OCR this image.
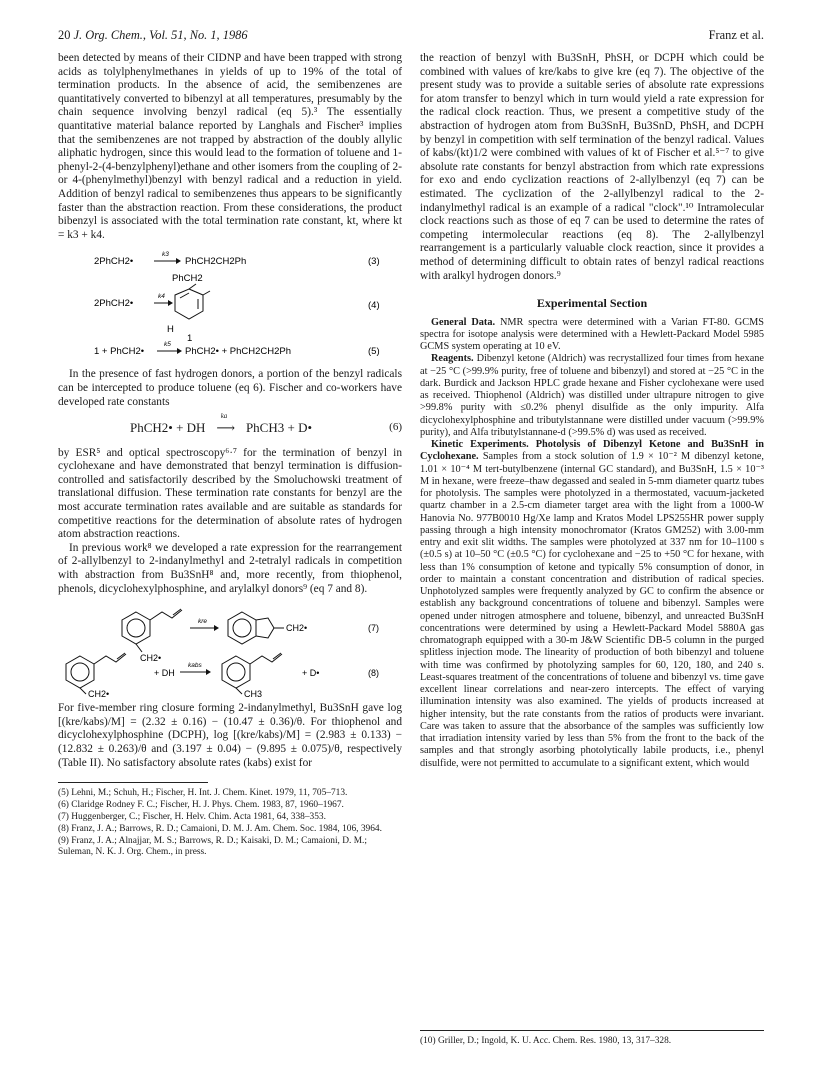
20 J. Org. Chem., Vol. 51, No. 1, 1986	Franz et al.

been detected by means of their CIDNP and have been trapped with strong acids as tolylphenylmethanes in yields of up to 19% of the total of termination products. In the absence of acid, the semibenzenes are quantitatively converted to bibenzyl at all temperatures, presumably by the chain sequence involving benzyl radical (eq 5).³ The essentially quantitative material balance reported by Langhals and Fischer³ implies that the semibenzenes are not trapped by abstraction of the doubly allylic aliphatic hydrogen, since this would lead to the formation of toluene and 1-phenyl-2-(4-benzylphenyl)ethane and other isomers from the coupling of 2- or 4-(phenylmethyl)benzyl with benzyl radical and a reduction in yield. Addition of benzyl radical to semibenzenes thus appears to be significantly faster than the abstraction reaction. From these considerations, the product bibenzyl is associated with the total termination rate constant, kt, where kt = k3 + k4.

2PhCH2•
k3
PhCH2CH2Ph	(3)
2PhCH2•
k4
PhCH2
H
(4)
1
1 + PhCH2•
k5
PhCH2• + PhCH2CH2Ph	(5)

In the presence of fast hydrogen donors, a portion of the benzyl radicals can be intercepted to produce toluene (eq 6). Fischer and co-workers have developed rate constants

PhCH2• + DH
ka
⟶ PhCH3 + D•	(6)

by ESR⁵ and optical spectroscopy⁶·⁷ for the termination of benzyl in cyclohexane and have demonstrated that benzyl termination is diffusion-controlled and satisfactorily described by the Smoluchowski treatment of translational diffusion. These termination rate constants for benzyl are the most accurate termination rates available and are suitable as standards for competitive reactions for the determination of absolute rates of hydrogen atom abstraction reactions.

In previous work⁸ we developed a rate expression for the rearrangement of 2-allylbenzyl to 2-indanylmethyl and 2-tetralyl radicals in competition with abstraction from Bu3SnH⁸ and, more recently, from thiophenol, phenols, dicyclohexylphosphine, and arylalkyl donors⁹ (eq 7 and 8).

CH2•
kre
CH2•	(7)
CH2•
+ DH
kabs
CH3
+ D•	(8)

For five-member ring closure forming 2-indanylmethyl, Bu3SnH gave log [(kre/kabs)/M] = (2.32 ± 0.16) − (10.47 ± 0.36)/θ. For thiophenol and dicyclohexylphosphine (DCPH), log [(kre/kabs)/M] = (2.983 ± 0.133) − (12.832 ± 0.263)/θ and (3.197 ± 0.04) − (9.895 ± 0.075)/θ, respectively (Table II). No satisfactory absolute rates (kabs) exist for

(5) Lehni, M.; Schuh, H.; Fischer, H. Int. J. Chem. Kinet. 1979, 11, 705–713.

(6) Claridge Rodney F. C.; Fischer, H. J. Phys. Chem. 1983, 87, 1960–1967.

(7) Huggenberger, C.; Fischer, H. Helv. Chim. Acta 1981, 64, 338–353.

(8) Franz, J. A.; Barrows, R. D.; Camaioni, D. M. J. Am. Chem. Soc. 1984, 106, 3964.

(9) Franz, J. A.; Alnajjar, M. S.; Barrows, R. D.; Kaisaki, D. M.; Camaioni, D. M.; Suleman, N. K. J. Org. Chem., in press.

the reaction of benzyl with Bu3SnH, PhSH, or DCPH which could be combined with values of kre/kabs to give kre (eq 7). The objective of the present study was to provide a suitable series of absolute rate expressions for atom transfer to benzyl which in turn would yield a rate expression for the radical clock reaction. Thus, we present a competitive study of the abstraction of hydrogen atom from Bu3SnH, Bu3SnD, PhSH, and DCPH by benzyl in competition with self termination of the benzyl radical. Values of kabs/(kt)1/2 were combined with values of kt of Fischer et al.⁵⁻⁷ to give absolute rate constants for benzyl abstraction from which rate expressions for exo and endo cyclization reactions of 2-allylbenzyl (eq 7) can be estimated. The cyclization of the 2-allylbenzyl radical to the 2-indanylmethyl radical is an example of a radical "clock".¹⁰ Intramolecular clock reactions such as those of eq 7 can be used to determine the rates of competing intermolecular reactions (eq 8). The 2-allylbenzyl rearrangement is a particularly valuable clock reaction, since it provides a method of determining difficult to obtain rates of benzyl radical reactions with aralkyl hydrogen donors.⁹

Experimental Section

General Data. NMR spectra were determined with a Varian FT-80. GCMS spectra for isotope analysis were determined with a Hewlett-Packard Model 5985 GCMS system operating at 10 eV.

Reagents. Dibenzyl ketone (Aldrich) was recrystallized four times from hexane at −25 °C (>99.9% purity, free of toluene and bibenzyl) and stored at −25 °C in the dark. Burdick and Jackson HPLC grade hexane and Fisher cyclohexane were used as received. Thiophenol (Aldrich) was distilled under ultrapure nitrogen to give >99.8% purity with ≤0.2% phenyl disulfide as the only impurity. Alfa dicyclohexylphosphine and tributylstannane were distilled under vacuum (>99.9% purity), and Alfa tributylstannane-d (>99.5% d) was used as received.

Kinetic Experiments. Photolysis of Dibenzyl Ketone and Bu3SnH in Cyclohexane. Samples from a stock solution of 1.9 × 10⁻² M dibenzyl ketone, 1.01 × 10⁻⁴ M tert-butylbenzene (internal GC standard), and Bu3SnH, 1.5 × 10⁻³ M in hexane, were freeze–thaw degassed and sealed in 5-mm diameter quartz tubes for photolysis. The samples were photolyzed in a thermostated, vacuum-jacketed quartz chamber in a 2.5-cm diameter target area with the light from a 1000-W Hanovia No. 977B0010 Hg/Xe lamp and Kratos Model LPS255HR power supply passing through a high intensity monochromator (Kratos GM252) with 3.00-mm entry and exit slit widths. The samples were photolyzed at 337 nm for 10–1100 s (±0.5 s) at 10–50 °C (±0.5 °C) for cyclohexane and −25 to +50 °C for hexane, with less than 1% consumption of ketone and typically 5% consumption of donor, in order to maintain a constant concentration and distribution of radical species. Unphotolyzed samples were frequently analyzed by GC to confirm the absence or establish any background concentrations of toluene and bibenzyl. Samples were opened under nitrogen atmosphere and toluene, bibenzyl, and unreacted Bu3SnH concentrations were determined by using a Hewlett-Packard Model 5880A gas chromatograph equipped with a 30-m J&W Scientific DB-5 column in the purged splitless injection mode. The linearity of production of both bibenzyl and toluene with time was confirmed by photolyzing samples for 60, 120, 180, and 240 s. Least-squares treatment of the concentrations of toluene and bibenzyl vs. time gave excellent linear correlations and near-zero intercepts. The effect of varying illumination intensity was also examined. The yields of products increased at higher intensity, but the rate constants from the ratios of products were invariant. Care was taken to assure that the absorbance of the samples was sufficiently low that irradiation intensity varied by less than 5% from the front to the back of the samples and that strongly asorbing photolytically labile products, i.e., phenyl disulfide, were not permitted to accumulate to a significant extent, which would

(10) Griller, D.; Ingold, K. U. Acc. Chem. Res. 1980, 13, 317–328.
